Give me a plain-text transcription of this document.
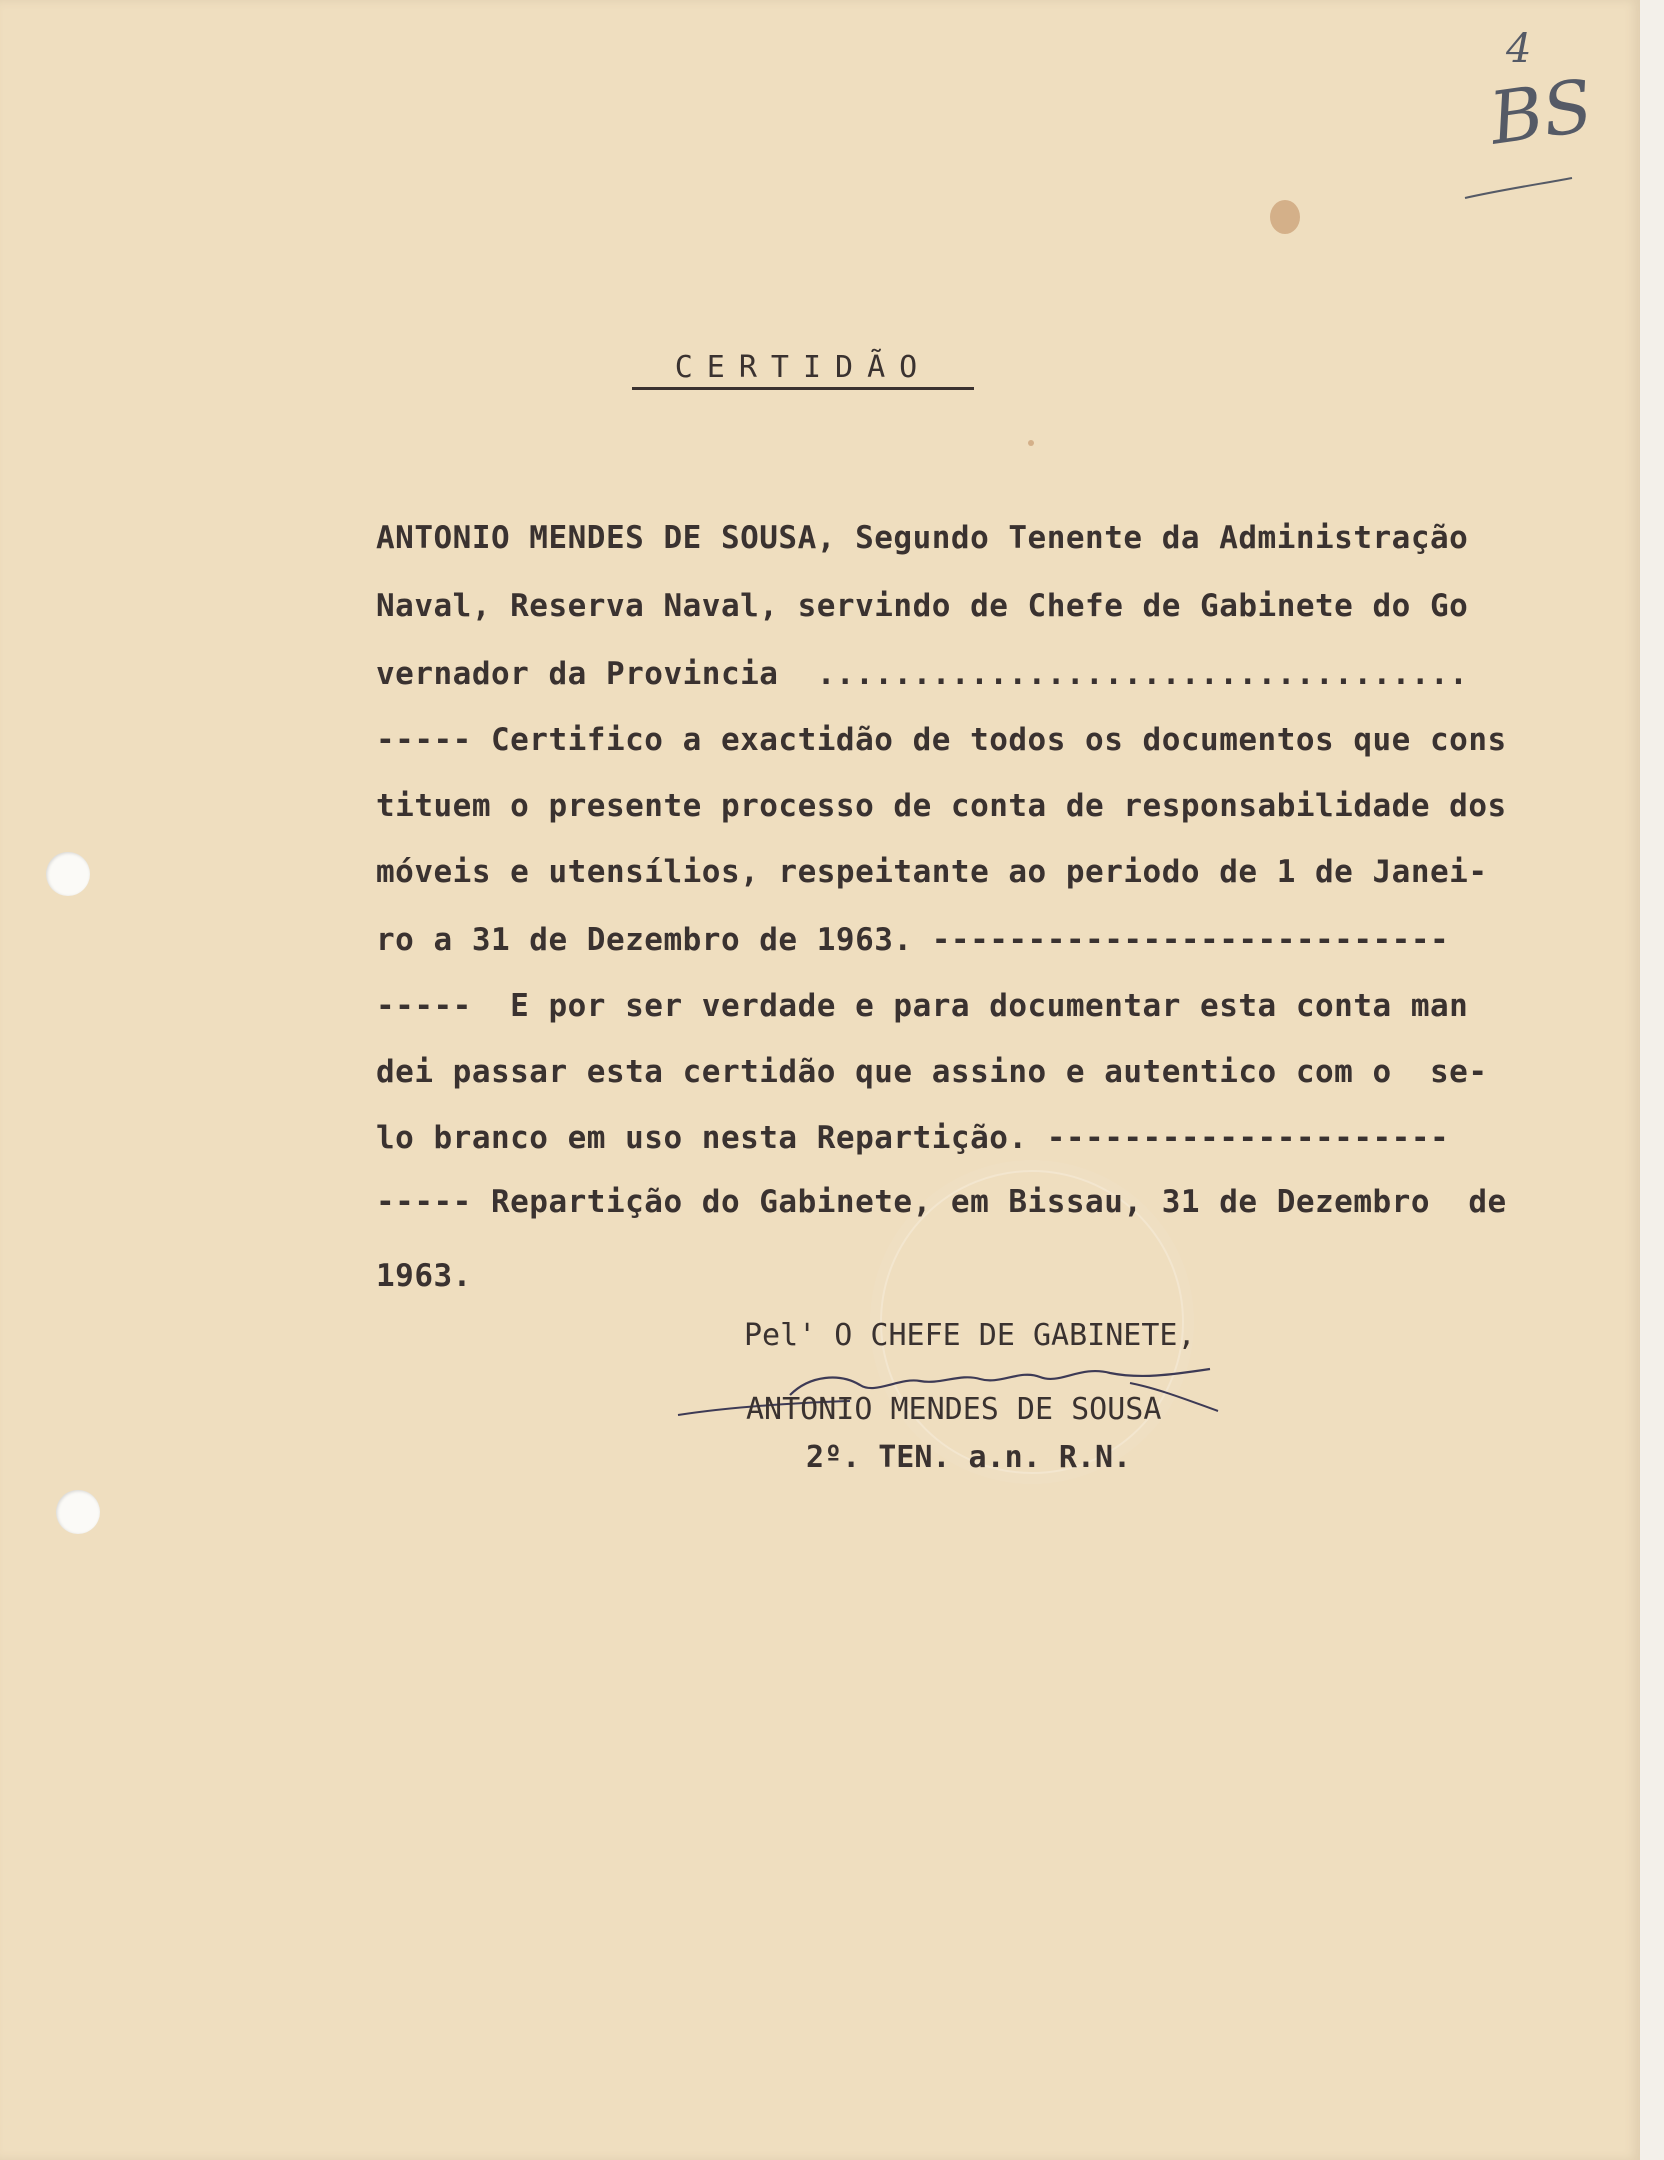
4
BS
CERTIDÃO
ANTONIO MENDES DE SOUSA, Segundo Tenente da Administração
Naval, Reserva Naval, servindo de Chefe de Gabinete do Go
vernador da Provincia  ..................................
----- Certifico a exactidão de todos os documentos que cons
tituem o presente processo de conta de responsabilidade dos
móveis e utensílios, respeitante ao periodo de 1 de Janei-
ro a 31 de Dezembro de 1963. ---------------------------
-----  E por ser verdade e para documentar esta conta man
dei passar esta certidão que assino e autentico com o  se-
lo branco em uso nesta Repartição. ---------------------
----- Repartição do Gabinete, em Bissau, 31 de Dezembro  de
1963.
Pel' O CHEFE DE GABINETE,
ANTONIO MENDES DE SOUSA
2º. TEN. a.n. R.N.
